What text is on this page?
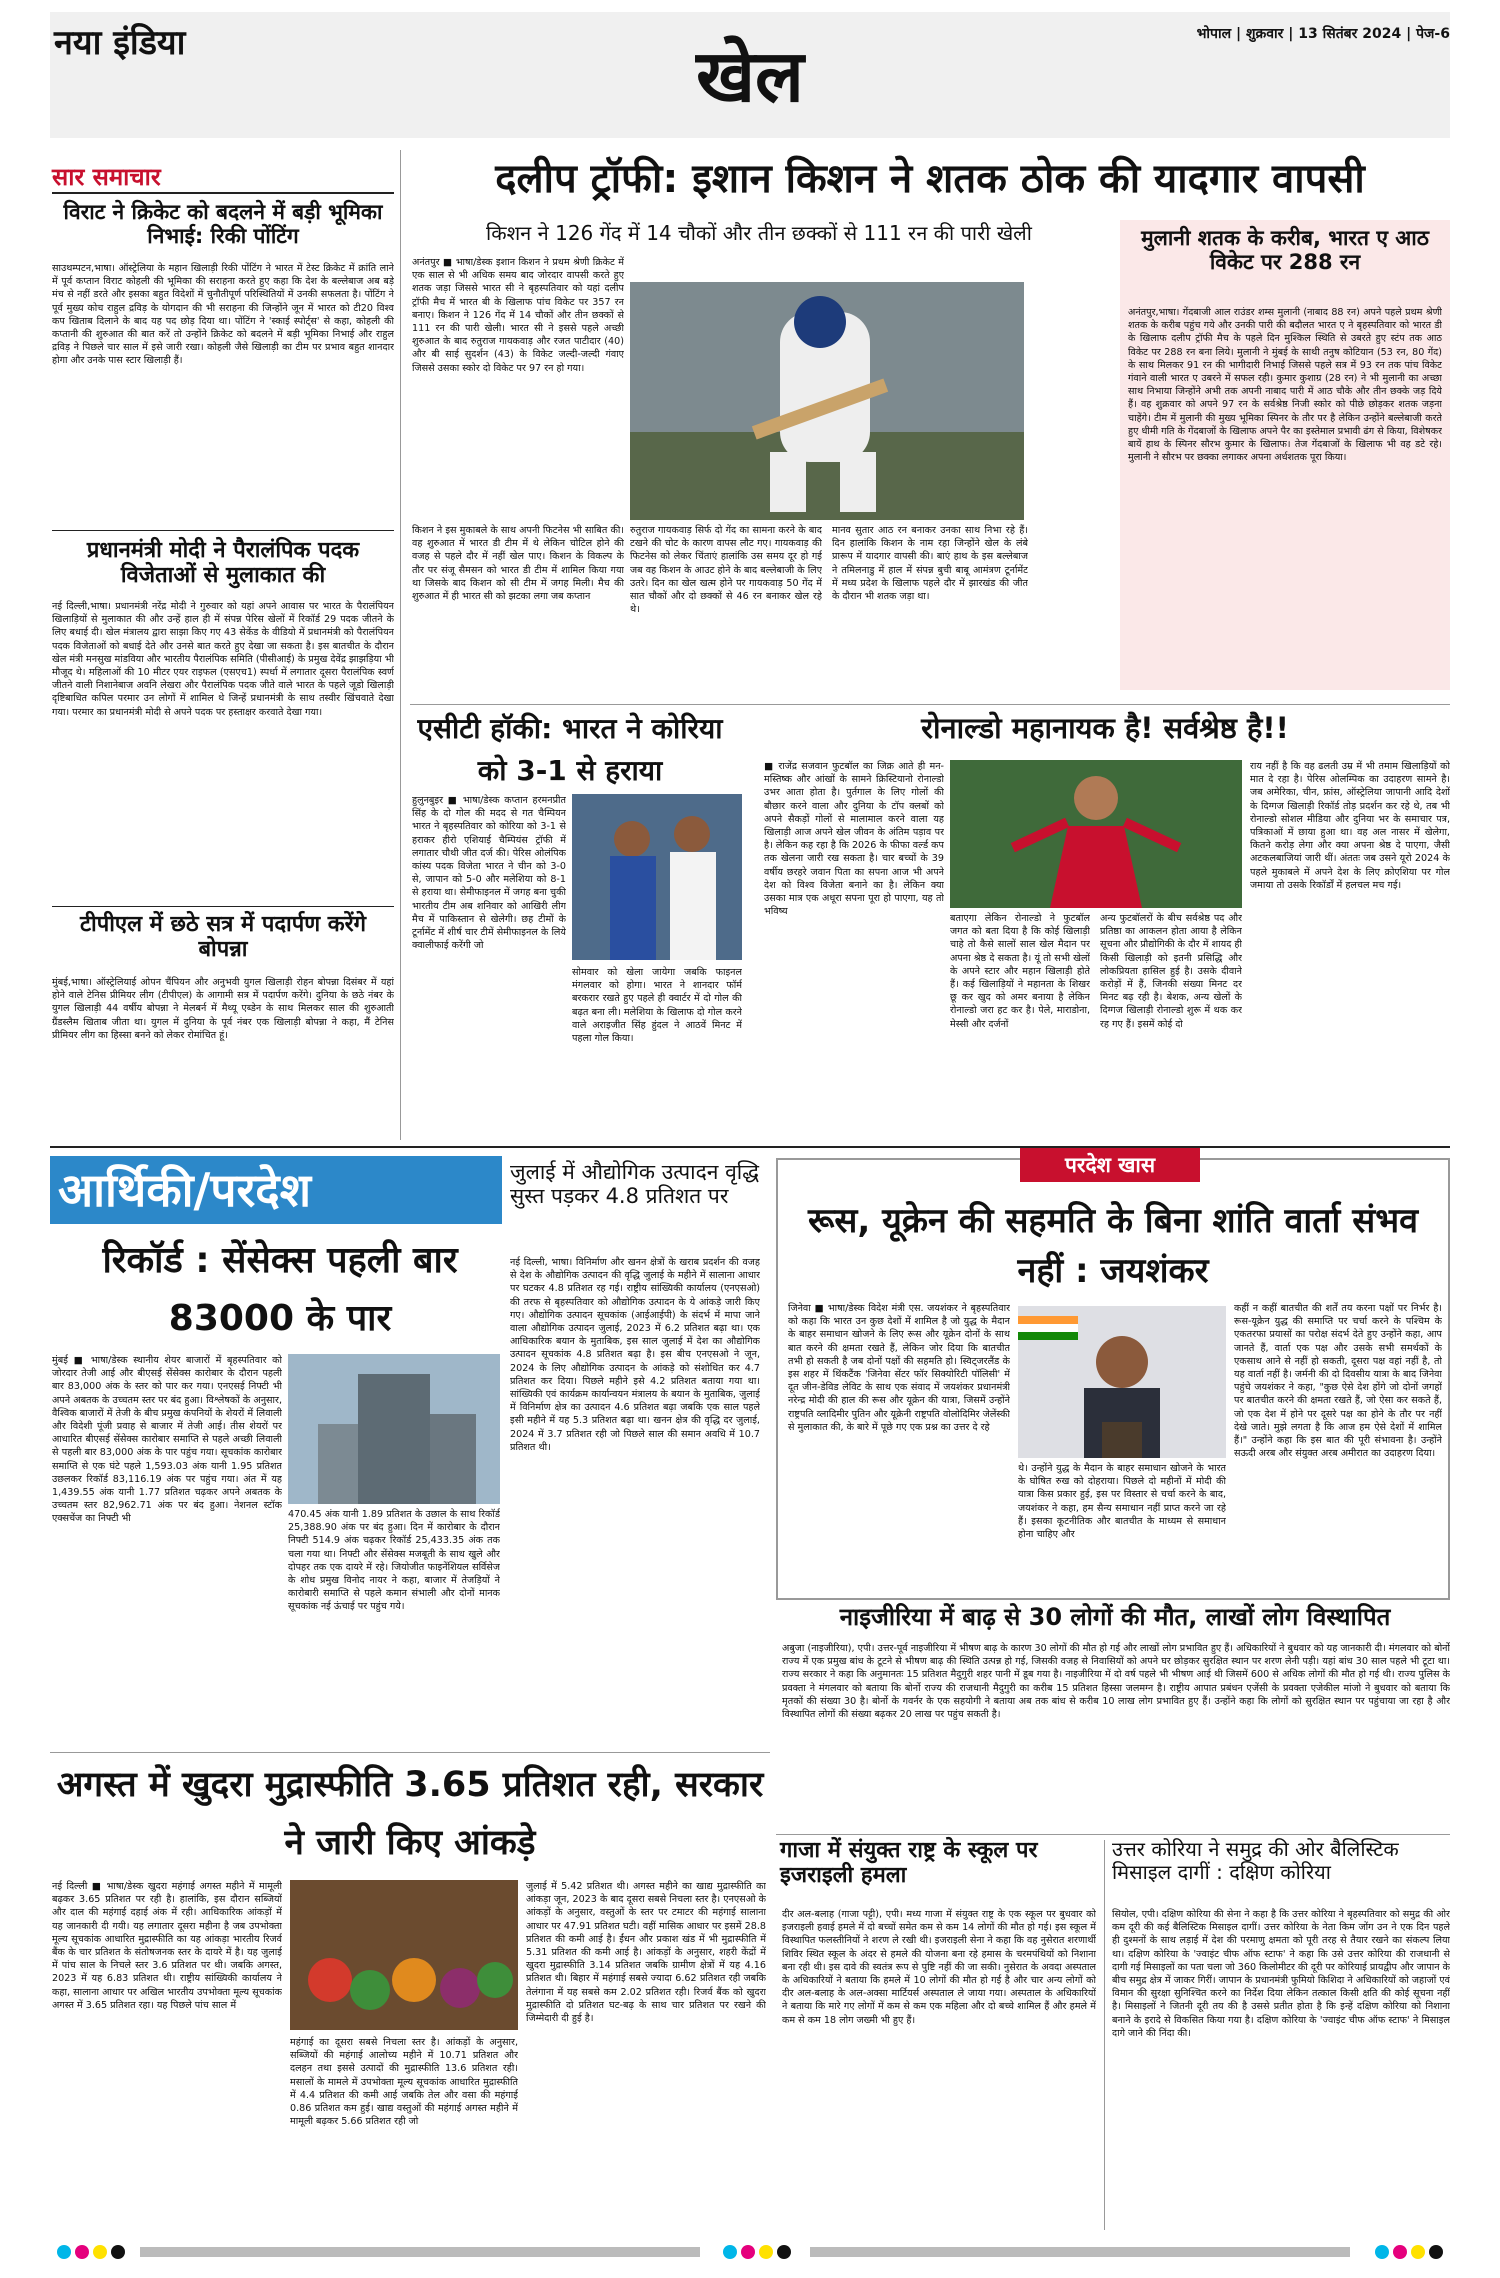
नया इंडिया	खेल	भोपाल | शुक्रवार | 13 सितंबर 2024 | पेज-6
सार समाचार
विराट ने क्रिकेट को बदलने में बड़ी भूमिका निभाई: रिकी पोंटिंग

साउथम्पटन,भाषा। ऑस्ट्रेलिया के महान खिलाड़ी रिकी पोंटिंग ने भारत में टेस्ट क्रिकेट में क्रांति लाने में पूर्व कप्तान विराट कोहली की भूमिका की सराहना करते हुए कहा कि देश के बल्लेबाज अब बड़े मंच से नहीं डरते और इसका बहुत विदेशों में चुनौतीपूर्ण परिस्थितियों में उनकी सफलता है। पोंटिंग ने पूर्व मुख्य कोच राहुल द्रविड़ के योगदान की भी सराहना की जिन्होंने जून में भारत को टी20 विश्व कप खिताब दिलाने के बाद यह पद छोड़ दिया था। पोंटिंग ने 'स्काई स्पोर्ट्स' से कहा, कोहली की कप्तानी की शुरुआत की बात करें तो उन्होंने क्रिकेट को बदलने में बड़ी भूमिका निभाई और राहुल द्रविड़ ने पिछले चार साल में इसे जारी रखा। कोहली जैसे खिलाड़ी का टीम पर प्रभाव बहुत शानदार होगा और उनके पास स्टार खिलाड़ी हैं।

प्रधानमंत्री मोदी ने पैरालंपिक पदक विजेताओं से मुलाकात की

नई दिल्ली,भाषा। प्रधानमंत्री नरेंद्र मोदी ने गुरुवार को यहां अपने आवास पर भारत के पैरालंपियन खिलाड़ियों से मुलाकात की और उन्हें हाल ही में संपन्न पेरिस खेलों में रिकॉर्ड 29 पदक जीतने के लिए बधाई दी। खेल मंत्रालय द्वारा साझा किए गए 43 सेकेंड के वीडियो में प्रधानमंत्री को पैरालंपियन पदक विजेताओं को बधाई देते और उनसे बात करते हुए देखा जा सकता है। इस बातचीत के दौरान खेल मंत्री मनसुख मांडविया और भारतीय पैरालंपिक समिति (पीसीआई) के प्रमुख देवेंद्र झाझड़िया भी मौजूद थे। महिलाओं की 10 मीटर एयर राइफल (एसएच1) स्पर्धा में लगातार दूसरा पैरालंपिक स्वर्ण जीतने वाली निशानेबाज अवनि लेखरा और पैरालंपिक पदक जीते वाले भारत के पहले जूडो खिलाड़ी दृष्टिबाधित कपिल परमार उन लोगों में शामिल थे जिन्हें प्रधानमंत्री के साथ तस्वीर खिंचवाते देखा गया। परमार का प्रधानमंत्री मोदी से अपने पदक पर हस्ताक्षर करवाते देखा गया।

टीपीएल में छठे सत्र में पदार्पण करेंगे बोपन्ना

मुंबई,भाषा। ऑस्ट्रेलियाई ओपन चैंपियन और अनुभवी युगल खिलाड़ी रोहन बोपन्ना दिसंबर में यहां होने वाले टेनिस प्रीमियर लीग (टीपीएल) के आगामी सत्र में पदार्पण करेंगे। दुनिया के छठे नंबर के युगल खिलाड़ी 44 वर्षीय बोपन्ना ने मेलबर्न में मैथ्यू एब्डेन के साथ मिलकर साल की शुरुआती ग्रैंडस्लैम खिताब जीता था। युगल में दुनिया के पूर्व नंबर एक खिलाड़ी बोपन्ना ने कहा, मैं टेनिस प्रीमियर लीग का हिस्सा बनने को लेकर रोमांचित हूं।

दलीप ट्रॉफी: इशान किशन ने शतक ठोक की यादगार वापसी
किशन ने 126 गेंद में 14 चौकों और तीन छक्कों से 111 रन की पारी खेली

अनंतपुर ■ भाषा/डेस्क इशान किशन ने प्रथम श्रेणी क्रिकेट में एक साल से भी अधिक समय बाद जोरदार वापसी करते हुए शतक जड़ा जिससे भारत सी ने बृहस्पतिवार को यहां दलीप ट्रॉफी मैच में भारत बी के खिलाफ पांच विकेट पर 357 रन बनाए। किशन ने 126 गेंद में 14 चौकों और तीन छक्कों से 111 रन की पारी खेली। भारत सी ने इससे पहले अच्छी शुरुआत के बाद रुतुराज गायकवाड़ और रजत पाटीदार (40) और बी साई सुदर्शन (43) के विकेट जल्दी-जल्दी गंवाए जिससे उसका स्कोर दो विकेट पर 97 रन हो गया।

किशन ने इस मुकाबले के साथ अपनी फिटनेस भी साबित की। वह शुरुआत में भारत डी टीम में थे लेकिन चोटिल होने की वजह से पहले दौर में नहीं खेल पाए। किशन के विकल्प के तौर पर संजू सैमसन को भारत डी टीम में शामिल किया गया था जिसके बाद किशन को सी टीम में जगह मिली। मैच की शुरुआत में ही भारत सी को झटका लगा जब कप्तान

रुतुराज गायकवाड़ सिर्फ दो गेंद का सामना करने के बाद टखने की चोट के कारण वापस लौट गए। गायकवाड़ की फिटनेस को लेकर चिंताएं हालांकि उस समय दूर हो गई जब वह किशन के आउट होने के बाद बल्लेबाजी के लिए उतरे। दिन का खेल खत्म होने पर गायकवाड़ 50 गेंद में सात चौकों और दो छक्कों से 46 रन बनाकर खेल रहे थे।

मानव सुतार आठ रन बनाकर उनका साथ निभा रहे हैं। दिन हालांकि किशन के नाम रहा जिन्होंने खेल के लंबे प्रारूप में यादगार वापसी की। बाएं हाथ के इस बल्लेबाज ने तमिलनाडु में हाल में संपन्न बुची बाबू आमंत्रण टूर्नामेंट में मध्य प्रदेश के खिलाफ पहले दौर में झारखंड की जीत के दौरान भी शतक जड़ा था।

मुलानी शतक के करीब, भारत ए आठ विकेट पर 288 रन

अनंतपुर,भाषा। गेंदबाजी आल राउंडर शम्स मुलानी (नाबाद 88 रन) अपने पहले प्रथम श्रेणी शतक के करीब पहुंच गये और उनकी पारी की बदौलत भारत ए ने बृहस्पतिवार को भारत डी के खिलाफ दलीप ट्रॉफी मैच के पहले दिन मुश्किल स्थिति से उबरते हुए स्टंप तक आठ विकेट पर 288 रन बना लिये। मुलानी ने मुंबई के साथी तनुष कोटियान (53 रन, 80 गेंद) के साथ मिलकर 91 रन की भागीदारी निभाई जिससे पहले सत्र में 93 रन तक पांच विकेट गंवाने वाली भारत ए उबरने में सफल रही। कुमार कुशाग्र (28 रन) ने भी मुलानी का अच्छा साथ निभाया जिन्होंने अभी तक अपनी नाबाद पारी में आठ चौके और तीन छक्के जड़ दिये हैं। वह शुक्रवार को अपने 97 रन के सर्वश्रेष्ठ निजी स्कोर को पीछे छोड़कर शतक जड़ना चाहेंगे। टीम में मुलानी की मुख्य भूमिका स्पिनर के तौर पर है लेकिन उन्होंने बल्लेबाजी करते हुए धीमी गति के गेंदबाजों के खिलाफ अपने पैर का इस्तेमाल प्रभावी ढंग से किया, विशेषकर बायें हाथ के स्पिनर सौरभ कुमार के खिलाफ। तेज गेंदबाजों के खिलाफ भी वह डटे रहे। मुलानी ने सौरभ पर छक्का लगाकर अपना अर्धशतक पूरा किया।

एसीटी हॉकी: भारत ने कोरिया को 3-1 से हराया

हुलुनबुइर ■ भाषा/डेस्क कप्तान हरमनप्रीत सिंह के दो गोल की मदद से गत चैम्पियन भारत ने बृहस्पतिवार को कोरिया को 3-1 से हराकर हीरो एशियाई चैम्पियंस ट्रॉफी में लगातार चौथी जीत दर्ज की। पेरिस ओलंपिक कांस्य पदक विजेता भारत ने चीन को 3-0 से, जापान को 5-0 और मलेशिया को 8-1 से हराया था। सेमीफाइनल में जगह बना चुकी भारतीय टीम अब शनिवार को आखिरी लीग मैच में पाकिस्तान से खेलेगी। छह टीमों के टूर्नामेंट में शीर्ष चार टीमें सेमीफाइनल के लिये क्वालीफाई करेंगी जो

सोमवार को खेला जायेगा जबकि फाइनल मंगलवार को होगा। भारत ने शानदार फॉर्म बरकरार रखते हुए पहले ही क्वार्टर में दो गोल की बढ़त बना ली। मलेशिया के खिलाफ दो गोल करने वाले अराइजीत सिंह हुंदल ने आठवें मिनट में पहला गोल किया।

रोनाल्डो महानायक है! सर्वश्रेष्ठ है!!

■ राजेंद्र सजवान फुटबॉल का जिक्र आते ही मन-मस्तिष्क और आंखों के सामने क्रिस्टियानो रोनाल्डो उभर आता होता है। पुर्तगाल के लिए गोलों की बौछार करने वाला और दुनिया के टॉप क्लबों को अपने सैकड़ों गोलों से मालामाल करने वाला यह खिलाड़ी आज अपने खेल जीवन के अंतिम पड़ाव पर है। लेकिन कह रहा है कि 2026 के फीफा वर्ल्ड कप तक खेलना जारी रख सकता है। चार बच्चों के 39 वर्षीय छरहरे जवान पिता का सपना आज भी अपने देश को विश्व विजेता बनाने का है। लेकिन क्या उसका मात्र एक अधूरा सपना पूरा हो पाएगा, यह तो भविष्य

बताएगा लेकिन रोनाल्डो ने फुटबॉल जगत को बता दिया है कि कोई खिलाड़ी चाहे तो कैसे सालों साल खेल मैदान पर अपना श्रेष्ठ दे सकता है। यूं तो सभी खेलों के अपने स्टार और महान खिलाड़ी होते हैं। कई खिलाड़ियों ने महानता के शिखर छू कर खुद को अमर बनाया है लेकिन रोनाल्डो जरा हट कर है। पेले, माराडोना, मेस्सी और दर्जनों

अन्य फुटबॉलरों के बीच सर्वश्रेष्ठ पद और प्रतिष्ठा का आकलन होता आया है लेकिन सूचना और प्रौद्योगिकी के दौर में शायद ही किसी खिलाड़ी को इतनी प्रसिद्धि और लोकप्रियता हासिल हुई है। उसके दीवाने करोड़ों में हैं, जिनकी संख्या मिनट दर मिनट बढ़ रही है। बेशक, अन्य खेलों के दिग्गज खिलाड़ी रोनाल्डो शुरू में थक कर रह गए हैं। इसमें कोई दो

राय नहीं है कि वह ढलती उम्र में भी तमाम खिलाड़ियों को मात दे रहा है। पेरिस ओलम्पिक का उदाहरण सामने है। जब अमेरिका, चीन, फ्रांस, ऑस्ट्रेलिया जापानी आदि देशों के दिग्गज खिलाड़ी रिकॉर्ड तोड़ प्रदर्शन कर रहे थे, तब भी रोनाल्डो सोशल मीडिया और दुनिया भर के समाचार पत्र, पत्रिकाओं में छाया हुआ था। वह अल नासर में खेलेगा, कितने करोड़ लेगा और क्या अपना श्रेष्ठ दे पाएगा, जैसी अटकलबाजियां जारी थीं। अंततः जब उसने यूरो 2024 के पहले मुकाबले में अपने देश के लिए क्रोएशिया पर गोल जमाया तो उसके रिकॉर्डों में हलचल मच गई।

आर्थिकी/परदेश
रिकॉर्ड : सेंसेक्स पहली बार 83000 के पार

मुंबई ■ भाषा/डेस्क स्थानीय शेयर बाजारों में बृहस्पतिवार को जोरदार तेजी आई और बीएसई सेंसेक्स कारोबार के दौरान पहली बार 83,000 अंक के स्तर को पार कर गया। एनएसई निफ्टी भी अपने अबतक के उच्चतम स्तर पर बंद हुआ। विश्लेषकों के अनुसार, वैश्विक बाजारों में तेजी के बीच प्रमुख कंपनियों के शेयरों में लिवाली और विदेशी पूंजी प्रवाह से बाजार में तेजी आई। तीस शेयरों पर आधारित बीएसई सेंसेक्स कारोबार समाप्ति से पहले अच्छी लिवाली से पहली बार 83,000 अंक के पार पहुंच गया। सूचकांक कारोबार समाप्ति से एक घंटे पहले 1,593.03 अंक यानी 1.95 प्रतिशत उछलकर रिकॉर्ड 83,116.19 अंक पर पहुंच गया। अंत में यह 1,439.55 अंक यानी 1.77 प्रतिशत चढ़कर अपने अबतक के उच्चतम स्तर 82,962.71 अंक पर बंद हुआ। नेशनल स्टॉक एक्सचेंज का निफ्टी भी	470.45 अंक यानी 1.89 प्रतिशत के उछाल के साथ रिकॉर्ड 25,388.90 अंक पर बंद हुआ। दिन में कारोबार के दौरान निफ्टी 514.9 अंक चढ़कर रिकॉर्ड 25,433.35 अंक तक चला गया था। निफ्टी और सेंसेक्स मजबूती के साथ खुले और दोपहर तक एक दायरे में रहे। जियोजीत फाइनेंशियल सर्विसेज के शोध प्रमुख विनोद नायर ने कहा, बाजार में तेजड़ियों ने कारोबारी समाप्ति से पहले कमान संभाली और दोनों मानक सूचकांक नई ऊंचाई पर पहुंच गये।

जुलाई में औद्योगिक उत्पादन वृद्धि सुस्त पड़कर 4.8 प्रतिशत पर

नई दिल्ली, भाषा। विनिर्माण और खनन क्षेत्रों के खराब प्रदर्शन की वजह से देश के औद्योगिक उत्पादन की वृद्धि जुलाई के महीने में सालाना आधार पर घटकर 4.8 प्रतिशत रह गई। राष्ट्रीय सांख्यिकी कार्यालय (एनएसओ) की तरफ से बृहस्पतिवार को औद्योगिक उत्पादन के ये आंकड़े जारी किए गए। औद्योगिक उत्पादन सूचकांक (आईआईपी) के संदर्भ में मापा जाने वाला औद्योगिक उत्पादन जुलाई, 2023 में 6.2 प्रतिशत बढ़ा था। एक आधिकारिक बयान के मुताबिक, इस साल जुलाई में देश का औद्योगिक उत्पादन सूचकांक 4.8 प्रतिशत बढ़ा है। इस बीच एनएसओ ने जून, 2024 के लिए औद्योगिक उत्पादन के आंकड़े को संशोधित कर 4.7 प्रतिशत कर दिया। पिछले महीने इसे 4.2 प्रतिशत बताया गया था। सांख्यिकी एवं कार्यक्रम कार्यान्वयन मंत्रालय के बयान के मुताबिक, जुलाई में विनिर्माण क्षेत्र का उत्पादन 4.6 प्रतिशत बढ़ा जबकि एक साल पहले इसी महीने में यह 5.3 प्रतिशत बढ़ा था। खनन क्षेत्र की वृद्धि दर जुलाई, 2024 में 3.7 प्रतिशत रही जो पिछले साल की समान अवधि में 10.7 प्रतिशत थी।

अगस्त में खुदरा मुद्रास्फीति 3.65 प्रतिशत रही, सरकार ने जारी किए आंकड़े

नई दिल्ली ■ भाषा/डेस्क खुदरा महंगाई अगस्त महीने में मामूली बढ़कर 3.65 प्रतिशत पर रही है। हालांकि, इस दौरान सब्जियों और दाल की महंगाई दहाई अंक में रही। आधिकारिक आंकड़ों में यह जानकारी दी गयी। यह लगातार दूसरा महीना है जब उपभोक्ता मूल्य सूचकांक आधारित मुद्रास्फीति का यह आंकड़ा भारतीय रिजर्व बैंक के चार प्रतिशत के संतोषजनक स्तर के दायरे में है। यह जुलाई में पांच साल के निचले स्तर 3.6 प्रतिशत पर थी। जबकि अगस्त, 2023 में यह 6.83 प्रतिशत थी। राष्ट्रीय सांख्यिकी कार्यालय ने कहा, सालाना आधार पर अखिल भारतीय उपभोक्ता मूल्य सूचकांक अगस्त में 3.65 प्रतिशत रहा। यह पिछले पांच साल में

महंगाई का दूसरा सबसे निचला स्तर है। आंकड़ों के अनुसार, सब्जियों की महंगाई आलोच्य महीने में 10.71 प्रतिशत और दलहन तथा इससे उत्पादों की मुद्रास्फीति 13.6 प्रतिशत रही। मसालों के मामले में उपभोक्ता मूल्य सूचकांक आधारित मुद्रास्फीति में 4.4 प्रतिशत की कमी आई जबकि तेल और वसा की महंगाई 0.86 प्रतिशत कम हुई। खाद्य वस्तुओं की महंगाई अगस्त महीने में मामूली बढ़कर 5.66 प्रतिशत रही जो

जुलाई में 5.42 प्रतिशत थी। अगस्त महीने का खाद्य मुद्रास्फीति का आंकड़ा जून, 2023 के बाद दूसरा सबसे निचला स्तर है। एनएसओ के आंकड़ों के अनुसार, वस्तुओं के स्तर पर टमाटर की महंगाई सालाना आधार पर 47.91 प्रतिशत घटी। वहीं मासिक आधार पर इसमें 28.8 प्रतिशत की कमी आई है। ईंधन और प्रकाश खंड में भी मुद्रास्फीति में 5.31 प्रतिशत की कमी आई है। आंकड़ों के अनुसार, शहरी केंद्रों में खुदरा मुद्रास्फीति 3.14 प्रतिशत जबकि ग्रामीण क्षेत्रों में यह 4.16 प्रतिशत थी। बिहार में महंगाई सबसे ज्यादा 6.62 प्रतिशत रही जबकि तेलंगाना में यह सबसे कम 2.02 प्रतिशत रही। रिजर्व बैंक को खुदरा मुद्रास्फीति दो प्रतिशत घट-बढ़ के साथ चार प्रतिशत पर रखने की जिम्मेदारी दी हुई है।

परदेश खास
रूस, यूक्रेन की सहमति के बिना शांति वार्ता संभव नहीं : जयशंकर

जिनेवा ■ भाषा/डेस्क विदेश मंत्री एस. जयशंकर ने बृहस्पतिवार को कहा कि भारत उन कुछ देशों में शामिल है जो युद्ध के मैदान के बाहर समाधान खोजने के लिए रूस और यूक्रेन दोनों के साथ बात करने की क्षमता रखते हैं, लेकिन जोर दिया कि बातचीत तभी हो सकती है जब दोनों पक्षों की सहमति हो। स्विट्जरलैंड के इस शहर में थिंकटैंक 'जिनेवा सेंटर फॉर सिक्योरिटी पॉलिसी' में दूत जीन-डेविड लेविट के साथ एक संवाद में जयशंकर प्रधानमंत्री नरेन्द्र मोदी की हाल की रूस और यूक्रेन की यात्रा, जिसमें उन्होंने राष्ट्रपति व्लादिमीर पुतिन और यूक्रेनी राष्ट्रपति वोलोदिमिर जेलेंस्की से मुलाकात की, के बारे में पूछे गए एक प्रश्न का उत्तर दे रहे

थे। उन्होंने युद्ध के मैदान के बाहर समाधान खोजने के भारत के घोषित रुख को दोहराया। पिछले दो महीनों में मोदी की यात्रा किस प्रकार हुई, इस पर विस्तार से चर्चा करने के बाद, जयशंकर ने कहा, हम सैन्य समाधान नहीं प्राप्त करने जा रहे हैं। इसका कूटनीतिक और बातचीत के माध्यम से समाधान होना चाहिए और

कहीं न कहीं बातचीत की शर्तें तय करना पक्षों पर निर्भर है। रूस-यूक्रेन युद्ध की समाप्ति पर चर्चा करने के पश्चिम के एकतरफा प्रयासों का परोक्ष संदर्भ देते हुए उन्होंने कहा, आप जानते हैं, वार्ता एक पक्ष और उसके सभी समर्थकों के एकसाथ आने से नहीं हो सकती, दूसरा पक्ष वहां नहीं है, तो यह वार्ता नहीं है। जर्मनी की दो दिवसीय यात्रा के बाद जिनेवा पहुंचे जयशंकर ने कहा, "कुछ ऐसे देश होंगे जो दोनों जगहों पर बातचीत करने की क्षमता रखते हैं, जो ऐसा कर सकते हैं, जो एक देश में होने पर दूसरे पक्ष का होने के तौर पर नहीं देखे जाते। मुझे लगता है कि आज हम ऐसे देशों में शामिल हैं।" उन्होंने कहा कि इस बात की पूरी संभावना है। उन्होंने सऊदी अरब और संयुक्त अरब अमीरात का उदाहरण दिया।

नाइजीरिया में बाढ़ से 30 लोगों की मौत, लाखों लोग विस्थापित

अबुजा (नाइजीरिया), एपी। उत्तर-पूर्व नाइजीरिया में भीषण बाढ़ के कारण 30 लोगों की मौत हो गई और लाखों लोग प्रभावित हुए हैं। अधिकारियों ने बुधवार को यह जानकारी दी। मंगलवार को बोर्नो राज्य में एक प्रमुख बांध के टूटने से भीषण बाढ़ की स्थिति उत्पन्न हो गई, जिसकी वजह से निवासियों को अपने घर छोड़कर सुरक्षित स्थान पर शरण लेनी पड़ी। यहां बांध 30 साल पहले भी टूटा था। राज्य सरकार ने कहा कि अनुमानतः 15 प्रतिशत मैदुगुरी शहर पानी में डूब गया है। नाइजीरिया में दो वर्ष पहले भी भीषण आई थी जिसमें 600 से अधिक लोगों की मौत हो गई थी। राज्य पुलिस के प्रवक्ता ने मंगलवार को बताया कि बोर्नो राज्य की राजधानी मैदुगुरी का करीब 15 प्रतिशत हिस्सा जलमग्न है। राष्ट्रीय आपात प्रबंधन एजेंसी के प्रवक्ता एजेकील मांजो ने बुधवार को बताया कि मृतकों की संख्या 30 है। बोर्नो के गवर्नर के एक सहयोगी ने बताया अब तक बांध से करीब 10 लाख लोग प्रभावित हुए हैं। उन्होंने कहा कि लोगों को सुरक्षित स्थान पर पहुंचाया जा रहा है और विस्थापित लोगों की संख्या बढ़कर 20 लाख पर पहुंच सकती है।

गाजा में संयुक्त राष्ट्र के स्कूल पर इजराइली हमला

दीर अल-बलाह (गाजा पट्टी), एपी। मध्य गाजा में संयुक्त राष्ट्र के एक स्कूल पर बुधवार को इजराइली हवाई हमले में दो बच्चों समेत कम से कम 14 लोगों की मौत हो गई। इस स्कूल में विस्थापित फलस्तीनियों ने शरण ले रखी थी। इजराइली सेना ने कहा कि वह नुसेरात शरणार्थी शिविर स्थित स्कूल के अंदर से हमले की योजना बना रहे हमास के चरमपंथियों को निशाना बना रही थी। इस दावे की स्वतंत्र रूप से पुष्टि नहीं की जा सकी। नुसेरात के अवदा अस्पताल के अधिकारियों ने बताया कि हमले में 10 लोगों की मौत हो गई है और चार अन्य लोगों को दीर अल-बलाह के अल-अक्सा मार्टियर्स अस्पताल ले जाया गया। अस्पताल के अधिकारियों ने बताया कि मारे गए लोगों में कम से कम एक महिला और दो बच्चे शामिल हैं और हमले में कम से कम 18 लोग जख्मी भी हुए हैं।

उत्तर कोरिया ने समुद्र की ओर बैलिस्टिक मिसाइल दागीं : दक्षिण कोरिया

सियोल, एपी। दक्षिण कोरिया की सेना ने कहा है कि उत्तर कोरिया ने बृहस्पतिवार को समुद्र की ओर कम दूरी की कई बैलिस्टिक मिसाइल दागीं। उत्तर कोरिया के नेता किम जोंग उन ने एक दिन पहले ही दुश्मनों के साथ लड़ाई में देश की परमाणु क्षमता को पूरी तरह से तैयार रखने का संकल्प लिया था। दक्षिण कोरिया के 'ज्वाइंट चीफ ऑफ स्टाफ' ने कहा कि उसे उत्तर कोरिया की राजधानी से दागी गई मिसाइलों का पता चला जो 360 किलोमीटर की दूरी पर कोरियाई प्रायद्वीप और जापान के बीच समुद्र क्षेत्र में जाकर गिरीं। जापान के प्रधानमंत्री फुमियो किशिदा ने अधिकारियों को जहाजों एवं विमान की सुरक्षा सुनिश्चित करने का निर्देश दिया लेकिन तत्काल किसी क्षति की कोई सूचना नहीं है। मिसाइलों ने जितनी दूरी तय की है उससे प्रतीत होता है कि इन्हें दक्षिण कोरिया को निशाना बनाने के इरादे से विकसित किया गया है। दक्षिण कोरिया के 'ज्वाइंट चीफ ऑफ स्टाफ' ने मिसाइल दागे जाने की निंदा की।
